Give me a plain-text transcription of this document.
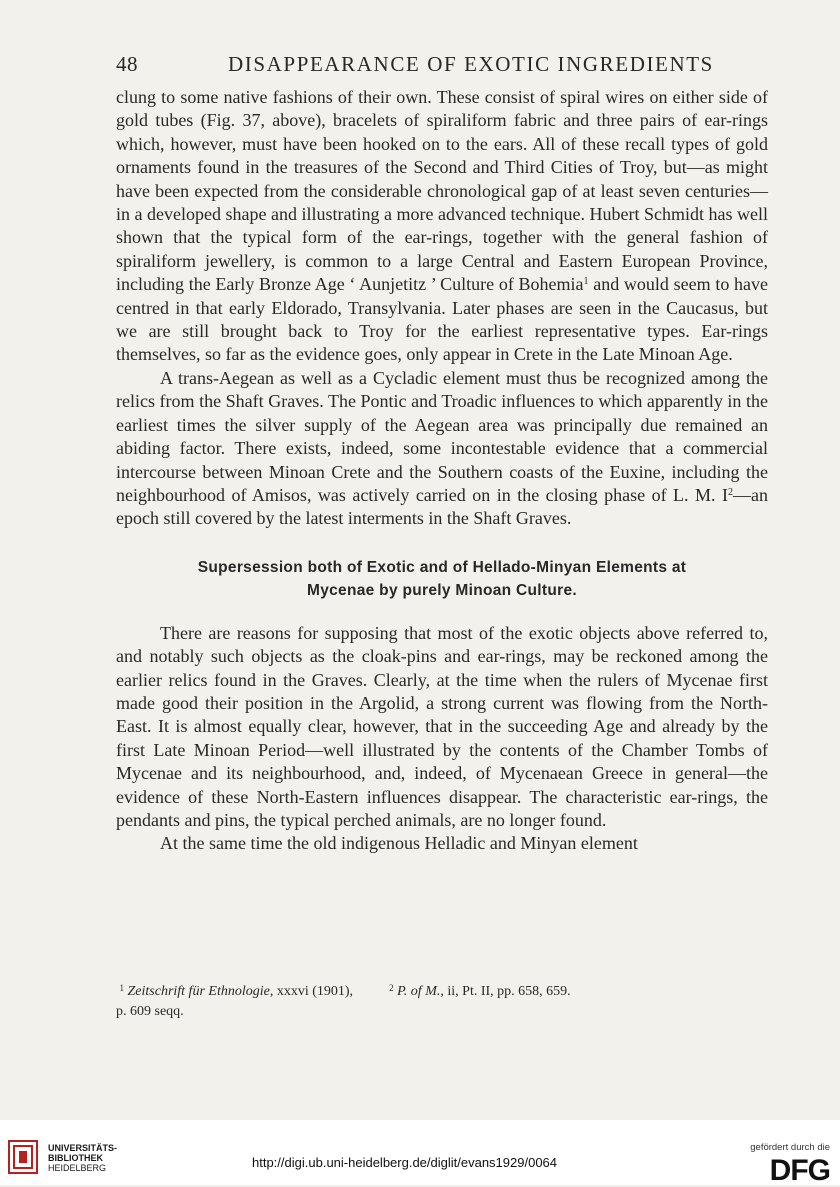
48	DISAPPEARANCE OF EXOTIC INGREDIENTS

clung to some native fashions of their own. These consist of spiral wires on either side of gold tubes (Fig. 37, above), bracelets of spiraliform fabric and three pairs of ear-rings which, however, must have been hooked on to the ears. All of these recall types of gold ornaments found in the treasures of the Second and Third Cities of Troy, but—as might have been expected from the considerable chronological gap of at least seven centuries—in a developed shape and illustrating a more advanced technique. Hubert Schmidt has well shown that the typical form of the ear-rings, together with the general fashion of spiraliform jewellery, is common to a large Central and Eastern European Province, including the Early Bronze Age ‘ Aunjetitz ’ Culture of Bohemia$^1$ and would seem to have centred in that early Eldorado, Transylvania. Later phases are seen in the Caucasus, but we are still brought back to Troy for the earliest representative types. Ear-rings themselves, so far as the evidence goes, only appear in Crete in the Late Minoan Age.

A trans-Aegean as well as a Cycladic element must thus be recognized among the relics from the Shaft Graves. The Pontic and Troadic influences to which apparently in the earliest times the silver supply of the Aegean area was principally due remained an abiding factor. There exists, indeed, some incontestable evidence that a commercial intercourse between Minoan Crete and the Southern coasts of the Euxine, including the neighbourhood of Amisos, was actively carried on in the closing phase of L. M. $I^2—an$ epoch still covered by the latest interments in the Shaft Graves.

Supersession both of Exotic and of Hellado-Minyan Elements at
Mycenae by purely Minoan Culture.

There are reasons for supposing that most of the exotic objects above referred to, and notably such objects as the cloak-pins and ear-rings, may be reckoned among the earlier relics found in the Graves. Clearly, at the time when the rulers of Mycenae first made good their position in the Argolid, a strong current was flowing from the North-East. It is almost equally clear, however, that in the succeeding Age and already by the first Late Minoan Period—well illustrated by the contents of the Chamber Tombs of Mycenae and its neighbourhood, and, indeed, of Mycenaean Greece in general—the evidence of these North-Eastern influences disappear. The characteristic ear-rings, the pendants and pins, the typical perched animals, are no longer found.

At the same time the old indigenous Helladic and Minyan element

$^1$ Zeitschrift für Ethnologie, xxxvi (1901),	$^2$ P. of M., ii, Pt. II, pp. 658, 659.
p. 609 seqq.
UNIVERSITÄTS-
BIBLIOTHEK
HEIDELBERG	http://digi.ub.uni-heidelberg.de/diglit/evans1929/0064
gefördert durch die
DFG
